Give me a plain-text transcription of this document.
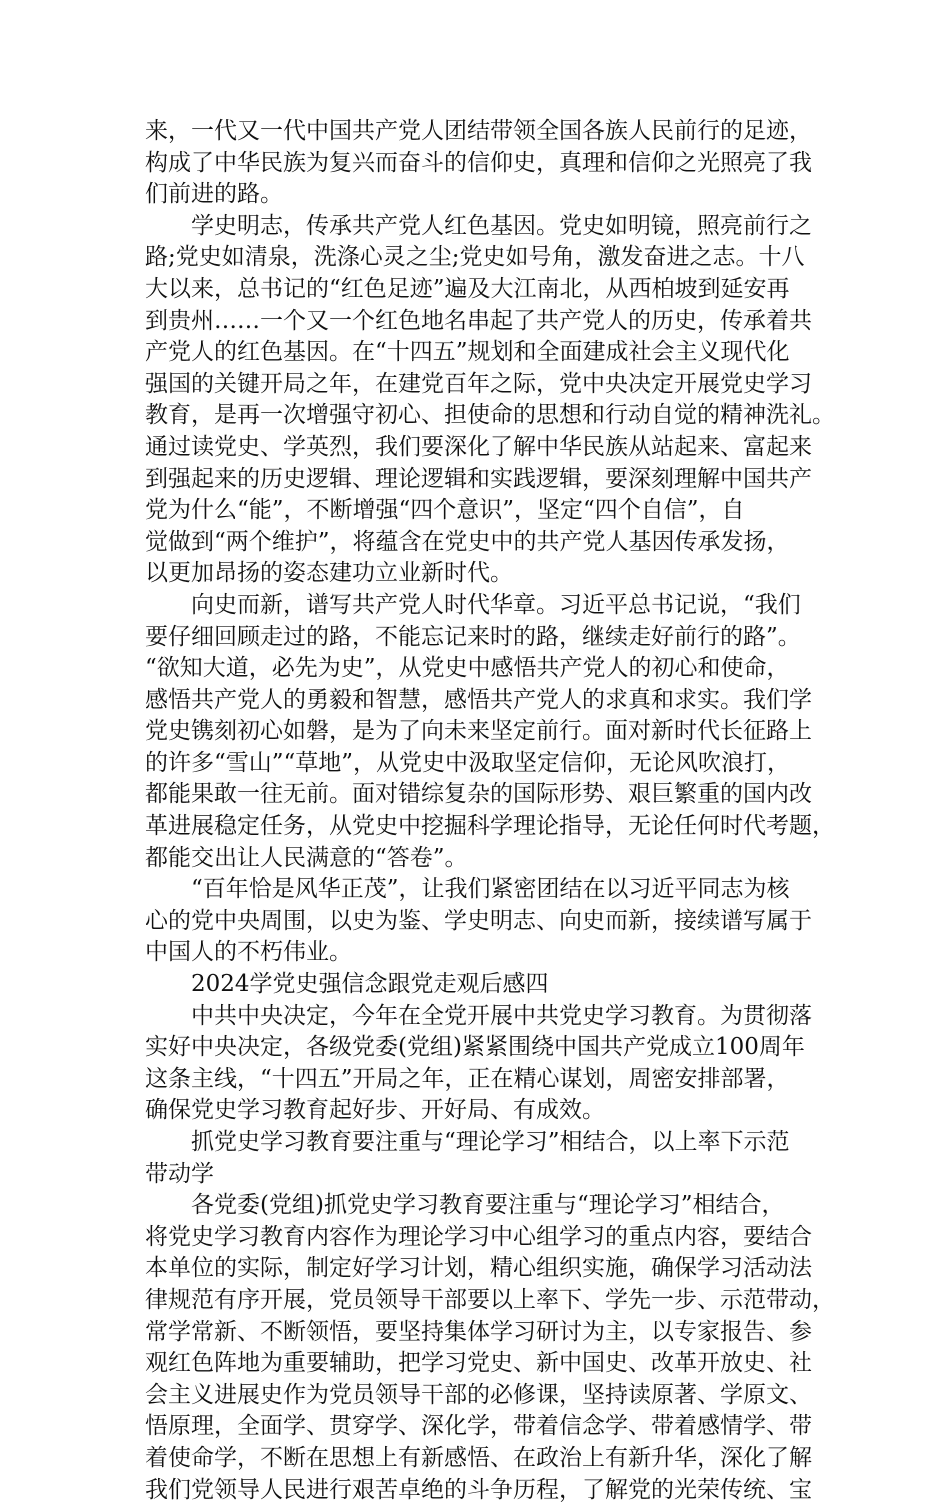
来，一代又一代中国共产党人团结带领全国各族人民前行的足迹，
构成了中华民族为复兴而奋斗的信仰史，真理和信仰之光照亮了我
们前进的路。
　　学史明志，传承共产党人红色基因。党史如明镜，照亮前行之
路;党史如清泉，洗涤心灵之尘;党史如号角，激发奋进之志。十八
大以来，总书记的“红色足迹”遍及大江南北，从西柏坡到延安再
到贵州……一个又一个红色地名串起了共产党人的历史，传承着共
产党人的红色基因。在“十四五”规划和全面建成社会主义现代化
强国的关键开局之年，在建党百年之际，党中央决定开展党史学习
教育，是再一次增强守初心、担使命的思想和行动自觉的精神洗礼。
通过读党史、学英烈，我们要深化了解中华民族从站起来、富起来
到强起来的历史逻辑、理论逻辑和实践逻辑，要深刻理解中国共产
党为什么“能”，不断增强“四个意识”，坚定“四个自信”，自
觉做到“两个维护”，将蕴含在党史中的共产党人基因传承发扬，
以更加昂扬的姿态建功立业新时代。
　　向史而新，谱写共产党人时代华章。习近平总书记说，“我们
要仔细回顾走过的路，不能忘记来时的路，继续走好前行的路”。
“欲知大道，必先为史”，从党史中感悟共产党人的初心和使命，
感悟共产党人的勇毅和智慧，感悟共产党人的求真和求实。我们学
党史镌刻初心如磐，是为了向未来坚定前行。面对新时代长征路上
的许多“雪山”“草地”，从党史中汲取坚定信仰，无论风吹浪打，
都能果敢一往无前。面对错综复杂的国际形势、艰巨繁重的国内改
革进展稳定任务，从党史中挖掘科学理论指导，无论任何时代考题，
都能交出让人民满意的“答卷”。
　　“百年恰是风华正茂”，让我们紧密团结在以习近平同志为核
心的党中央周围，以史为鉴、学史明志、向史而新，接续谱写属于
中国人的不朽伟业。
　　2024学党史强信念跟党走观后感四
　　中共中央决定，今年在全党开展中共党史学习教育。为贯彻落
实好中央决定，各级党委(党组)紧紧围绕中国共产党成立100周年
这条主线，“十四五”开局之年，正在精心谋划，周密安排部署，
确保党史学习教育起好步、开好局、有成效。
　　抓党史学习教育要注重与“理论学习”相结合，以上率下示范
带动学
　　各党委(党组)抓党史学习教育要注重与“理论学习”相结合，
将党史学习教育内容作为理论学习中心组学习的重点内容，要结合
本单位的实际，制定好学习计划，精心组织实施，确保学习活动法
律规范有序开展，党员领导干部要以上率下、学先一步、示范带动，
常学常新、不断领悟，要坚持集体学习研讨为主，以专家报告、参
观红色阵地为重要辅助，把学习党史、新中国史、改革开放史、社
会主义进展史作为党员领导干部的必修课，坚持读原著、学原文、
悟原理，全面学、贯穿学、深化学，带着信念学、带着感情学、带
着使命学，不断在思想上有新感悟、在政治上有新升华，深化了解
我们党领导人民进行艰苦卓绝的斗争历程，了解党的光荣传统、宝
